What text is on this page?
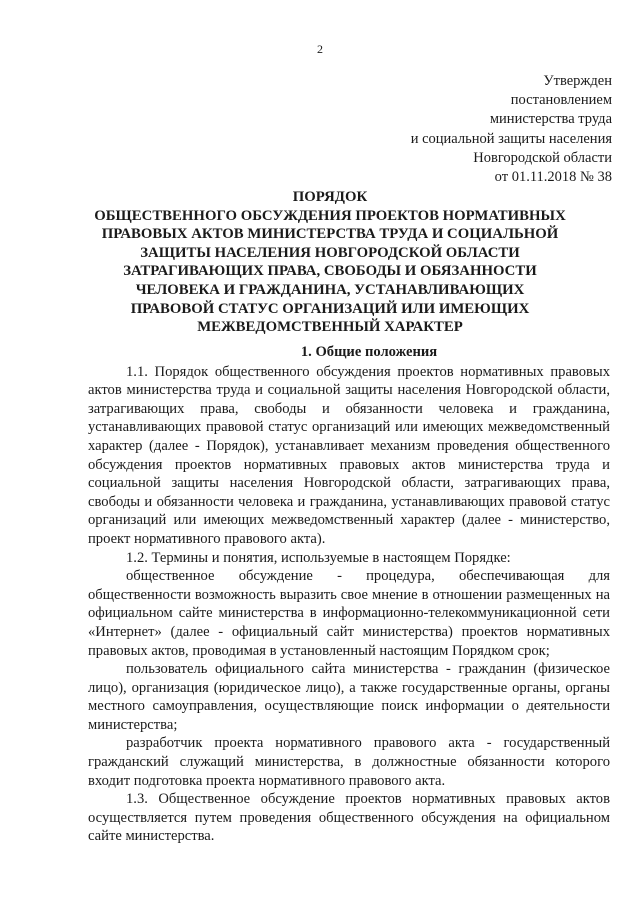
2
Утвержден
постановлением
министерства труда
и социальной защиты населения
Новгородской области
от 01.11.2018 № 38
ПОРЯДОК
ОБЩЕСТВЕННОГО ОБСУЖДЕНИЯ ПРОЕКТОВ НОРМАТИВНЫХ
ПРАВОВЫХ АКТОВ МИНИСТЕРСТВА ТРУДА И СОЦИАЛЬНОЙ
ЗАЩИТЫ НАСЕЛЕНИЯ НОВГОРОДСКОЙ ОБЛАСТИ
ЗАТРАГИВАЮЩИХ ПРАВА, СВОБОДЫ И ОБЯЗАННОСТИ
ЧЕЛОВЕКА И ГРАЖДАНИНА, УСТАНАВЛИВАЮЩИХ
ПРАВОВОЙ СТАТУС ОРГАНИЗАЦИЙ ИЛИ ИМЕЮЩИХ
МЕЖВЕДОМСТВЕННЫЙ ХАРАКТЕР
1. Общие положения

1.1. Порядок общественного обсуждения проектов нормативных правовых актов министерства труда и социальной защиты населения Новгородской области, затрагивающих права, свободы и обязанности человека и гражданина, устанавливающих правовой статус организаций или имеющих межведомственный характер (далее - Порядок), устанавливает механизм проведения общественного обсуждения проектов нормативных правовых актов министерства труда и социальной защиты населения Новгородской области, затрагивающих права, свободы и обязанности человека и гражданина, устанавливающих правовой статус организаций или имеющих межведомственный характер (далее - министерство, проект нормативного правового акта).

1.2. Термины и понятия, используемые в настоящем Порядке:

общественное обсуждение - процедура, обеспечивающая для общественности возможность выразить свое мнение в отношении размещенных на официальном сайте министерства в информационно-телекоммуникационной сети «Интернет» (далее - официальный сайт министерства) проектов нормативных правовых актов, проводимая в установленный настоящим Порядком срок;

пользователь официального сайта министерства - гражданин (физическое лицо), организация (юридическое лицо), а также государственные органы, органы местного самоуправления, осуществляющие поиск информации о деятельности министерства;

разработчик проекта нормативного правового акта - государственный гражданский служащий министерства, в должностные обязанности которого входит подготовка проекта нормативного правового акта.

1.3. Общественное обсуждение проектов нормативных правовых актов осуществляется путем проведения общественного обсуждения на официальном сайте министерства.
